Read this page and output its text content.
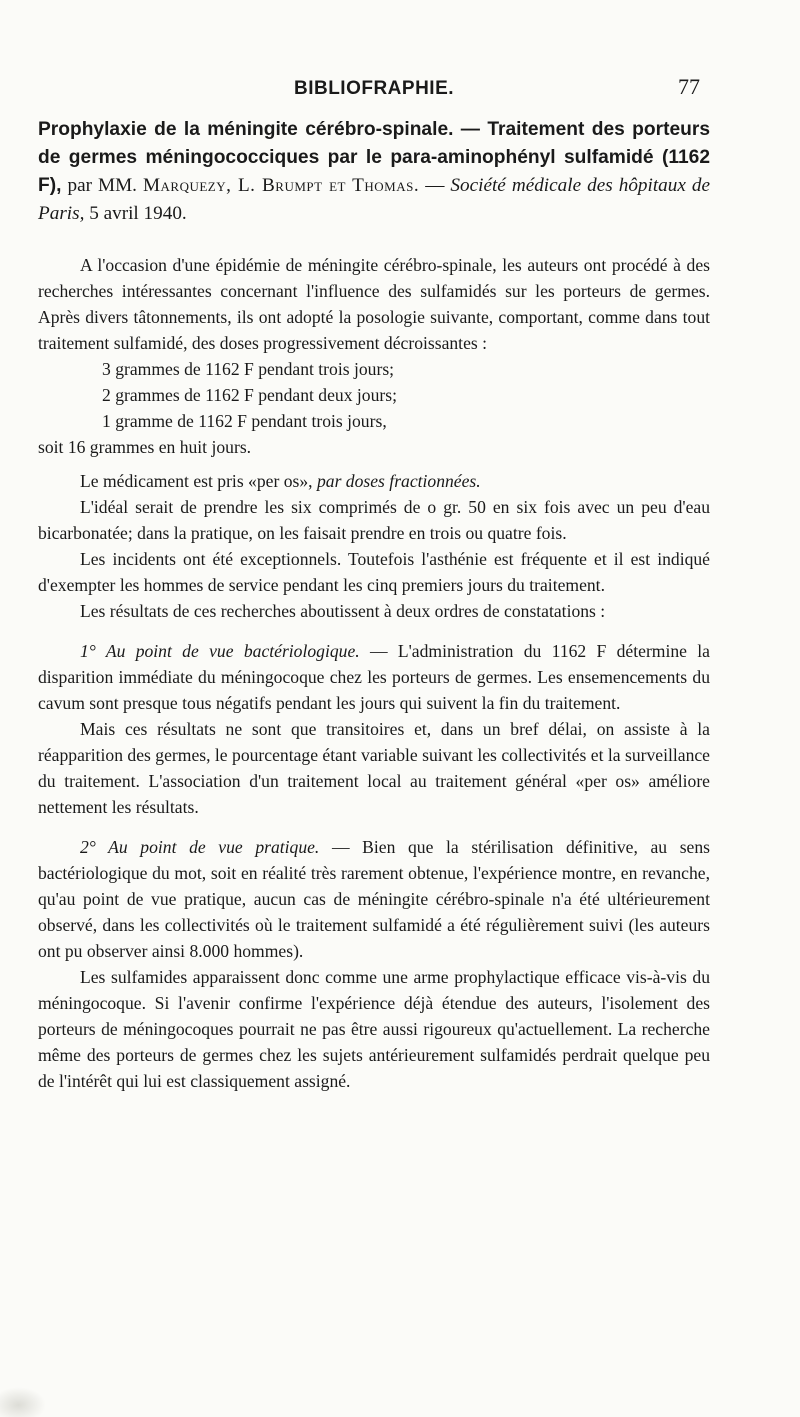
BIBLIOFRAPHIE.	77

Prophylaxie de la méningite cérébro-spinale. — Traitement des porteurs de germes méningococciques par le para-aminophényl sulfamidé (1162 F), par MM. Marquezy, L. Brumpt et Thomas. — Société médicale des hôpitaux de Paris, 5 avril 1940.

A l'occasion d'une épidémie de méningite cérébro-spinale, les auteurs ont procédé à des recherches intéressantes concernant l'influence des sulfamidés sur les porteurs de germes. Après divers tâtonnements, ils ont adopté la posologie suivante, comportant, comme dans tout traitement sulfamidé, des doses progressivement décroissantes :

3 grammes de 1162 F pendant trois jours;
2 grammes de 1162 F pendant deux jours;
1 gramme de 1162 F pendant trois jours,

soit 16 grammes en huit jours.

Le médicament est pris «per os», par doses fractionnées.

L'idéal serait de prendre les six comprimés de o gr. 50 en six fois avec un peu d'eau bicarbonatée; dans la pratique, on les faisait prendre en trois ou quatre fois.

Les incidents ont été exceptionnels. Toutefois l'asthénie est fréquente et il est indiqué d'exempter les hommes de service pendant les cinq premiers jours du traitement.

Les résultats de ces recherches aboutissent à deux ordres de constatations :

1° Au point de vue bactériologique. — L'administration du 1162 F détermine la disparition immédiate du méningocoque chez les porteurs de germes. Les ensemencements du cavum sont presque tous négatifs pendant les jours qui suivent la fin du traitement.

Mais ces résultats ne sont que transitoires et, dans un bref délai, on assiste à la réapparition des germes, le pourcentage étant variable suivant les collectivités et la surveillance du traitement. L'association d'un traitement local au traitement général «per os» améliore nettement les résultats.

2° Au point de vue pratique. — Bien que la stérilisation définitive, au sens bactériologique du mot, soit en réalité très rarement obtenue, l'expérience montre, en revanche, qu'au point de vue pratique, aucun cas de méningite cérébro-spinale n'a été ultérieurement observé, dans les collectivités où le traitement sulfamidé a été régulièrement suivi (les auteurs ont pu observer ainsi 8.000 hommes).

Les sulfamides apparaissent donc comme une arme prophylactique efficace vis-à-vis du méningocoque. Si l'avenir confirme l'expérience déjà étendue des auteurs, l'isolement des porteurs de méningocoques pourrait ne pas être aussi rigoureux qu'actuellement. La recherche même des porteurs de germes chez les sujets antérieurement sulfamidés perdrait quelque peu de l'intérêt qui lui est classiquement assigné.
